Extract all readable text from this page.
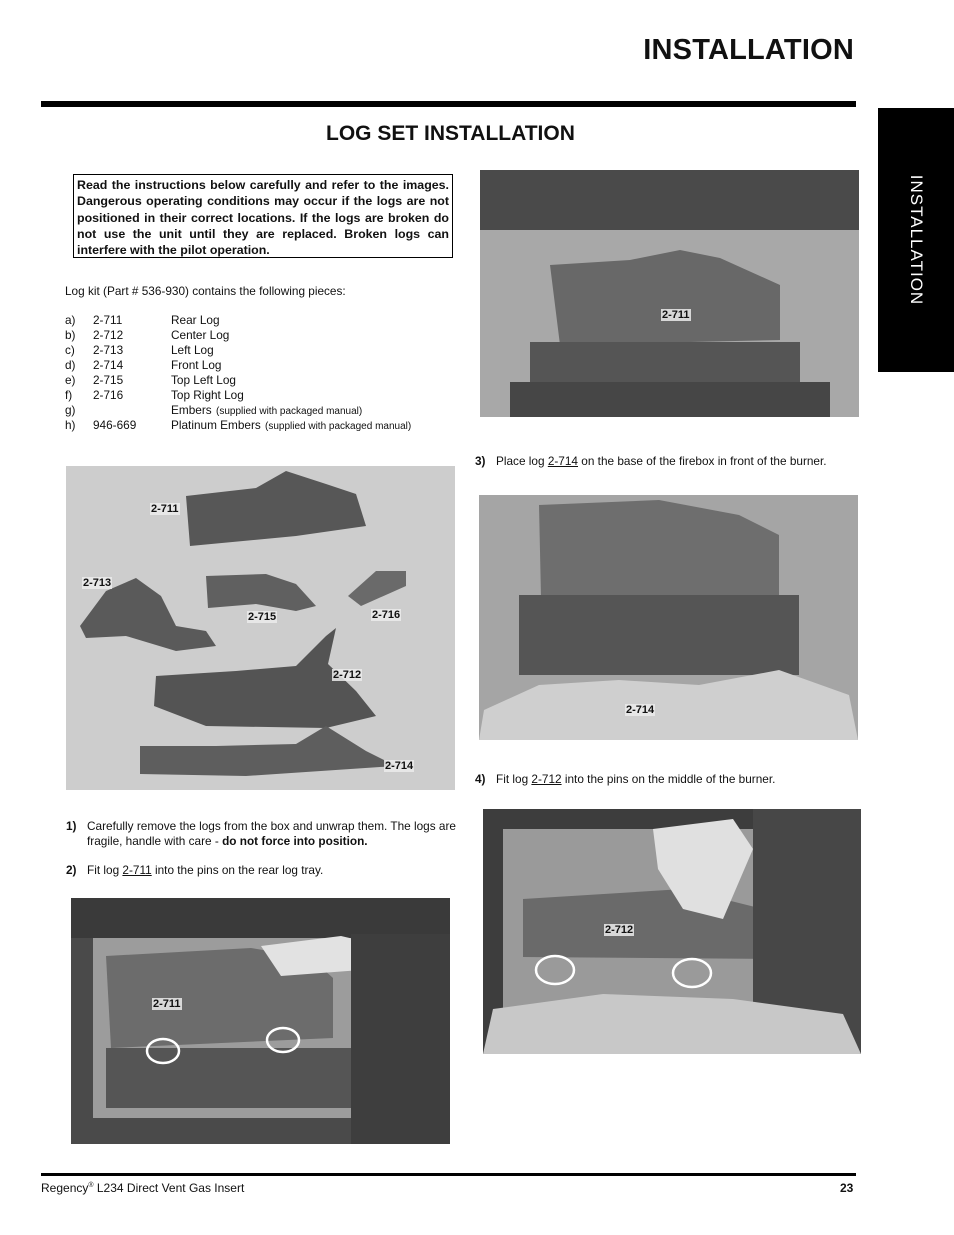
INSTALLATION
INSTALLATION
LOG SET INSTALLATION
Read the instructions below carefully and refer to the images. Dangerous operating conditions may occur if the logs are not positioned in their correct locations. If the logs are broken do not use the unit until they are replaced. Broken logs can interfere with the pilot operation.
Log kit (Part # 536-930) contains the following pieces:
a) 2-711	Rear Log
b) 2-712	Center Log
c) 2-713	Left Log
d) 2-714	Front Log
e) 2-715	Top Left Log
f) 2-716	Top Right Log
g)	Embers (supplied with packaged manual)
h) 946-669	Platinum Embers (supplied with packaged manual)
2-711
2-713
2-715	2-716
2-712
2-714
1) Carefully remove the logs from the box and unwrap them. The logs are fragile, handle with care - do not force into position.
2) Fit log 2-711 into the pins on the rear log tray.
2-711
2-711
3) Place log 2-714 on the base of the firebox in front of the burner.
2-714
4) Fit log 2-712 into the pins on the middle of the burner.
2-712
Regency® L234 Direct Vent Gas Insert	23
